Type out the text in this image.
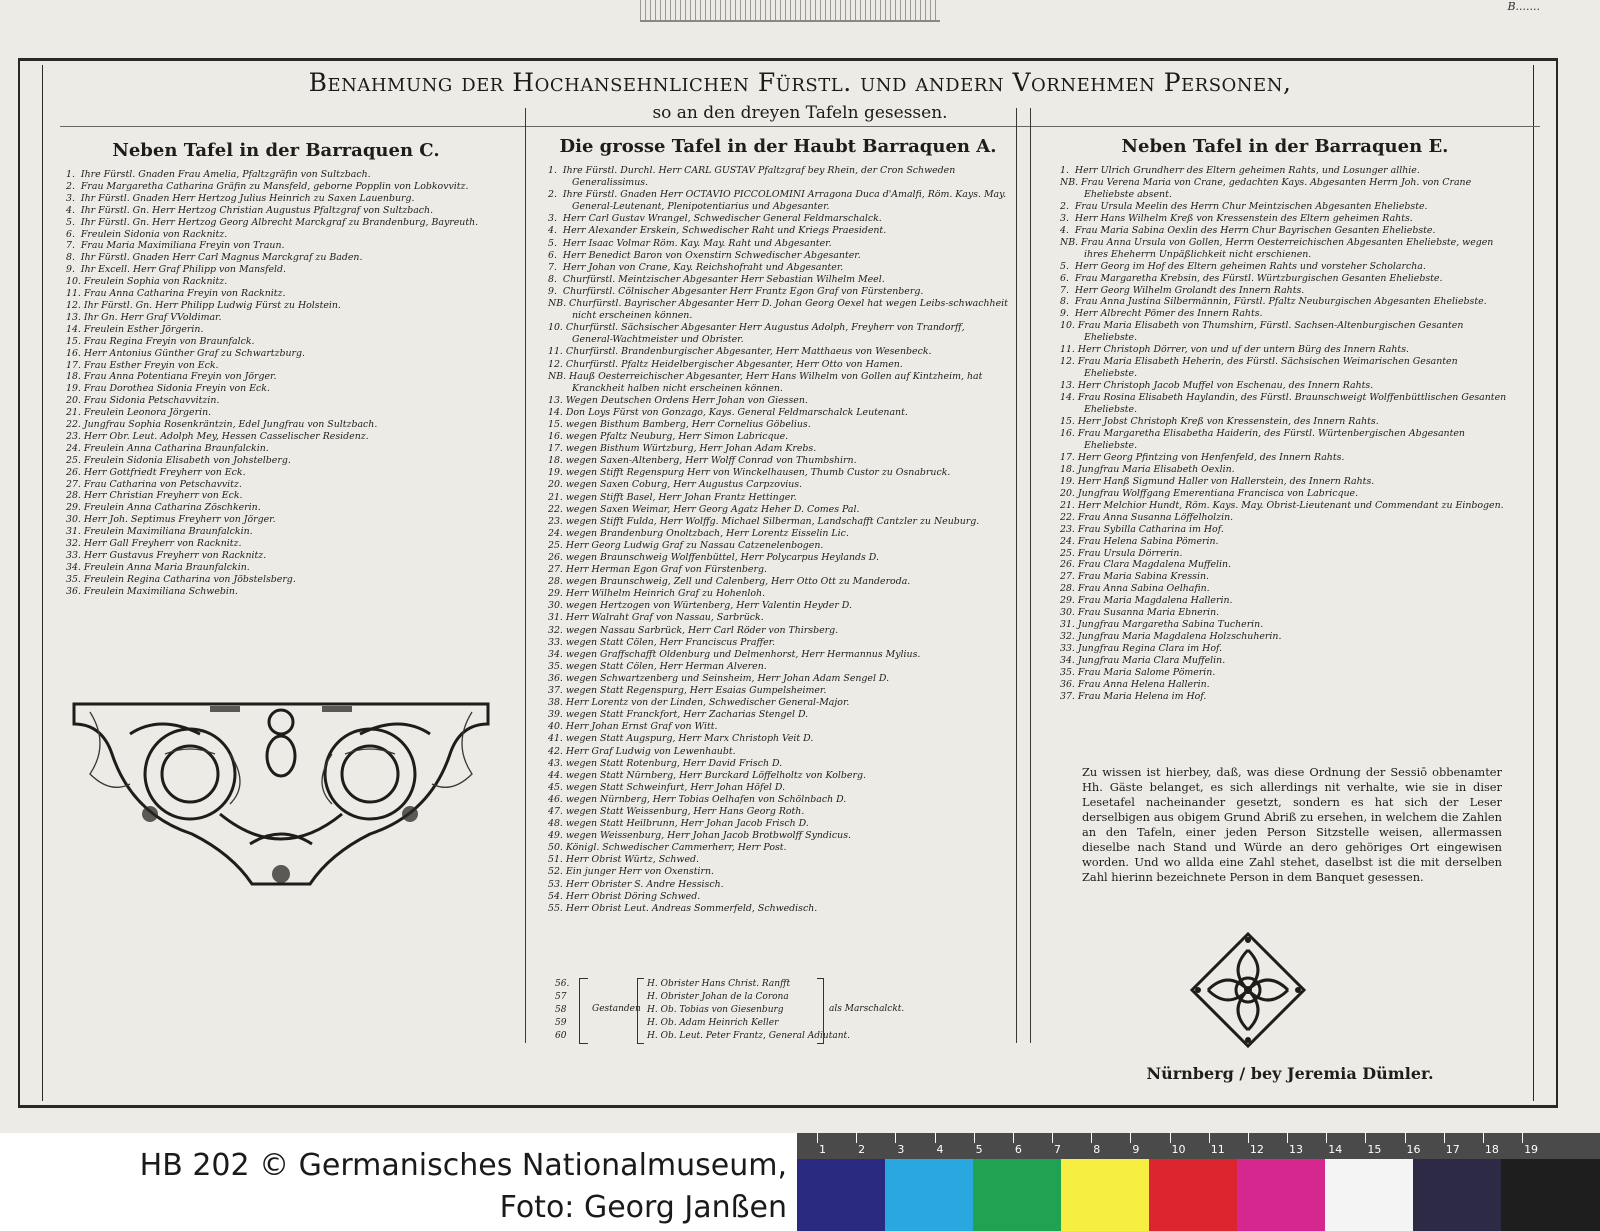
B.......
Benahmung der Hochansehnlichen Fürstl. und andern Vornehmen Personen,
so an den dreyen Tafeln gesessen.
Neben Tafel in der Barraquen C.
1.  Ihre Fürstl. Gnaden Frau Amelia, Pfaltzgräfin von Sultzbach.
2.  Frau Margaretha Catharina Gräfin zu Mansfeld, geborne Popplin von Lobkovvitz.
3.  Ihr Fürstl. Gnaden Herr Hertzog Julius Heinrich zu Saxen Lauenburg.
4.  Ihr Fürstl. Gn. Herr Hertzog Christian Augustus Pfaltzgraf von Sultzbach.
5.  Ihr Fürstl. Gn. Herr Hertzog Georg Albrecht Marckgraf zu Brandenburg, Bayreuth.
6.  Freulein Sidonia von Racknitz.
7.  Frau Maria Maximiliana Freyin von Traun.
8.  Ihr Fürstl. Gnaden Herr Carl Magnus Marckgraf zu Baden.
9.  Ihr Excell. Herr Graf Philipp von Mansfeld.
10. Freulein Sophia von Racknitz.
11. Frau Anna Catharina Freyin von Racknitz.
12. Ihr Fürstl. Gn. Herr Philipp Ludwig Fürst zu Holstein.
13. Ihr Gn. Herr Graf VVoldimar.
14. Freulein Esther Jörgerin.
15. Frau Regina Freyin von Braunfalck.
16. Herr Antonius Günther Graf zu Schwartzburg.
17. Frau Esther Freyin von Eck.
18. Frau Anna Potentiana Freyin von Jörger.
19. Frau Dorothea Sidonia Freyin von Eck.
20. Frau Sidonia Petschavvitzin.
21. Freulein Leonora Jörgerin.
22. Jungfrau Sophia Rosenkräntzin, Edel Jungfrau von Sultzbach.
23. Herr Obr. Leut. Adolph Mey, Hessen Casselischer Residenz.
24. Freulein Anna Catharina Braunfalckin.
25. Freulein Sidonia Elisabeth von Johstelberg.
26. Herr Gottfriedt Freyherr von Eck.
27. Frau Catharina von Petschavvitz.
28. Herr Christian Freyherr von Eck.
29. Freulein Anna Catharina Zöschkerin.
30. Herr Joh. Septimus Freyherr von Jörger.
31. Freulein Maximiliana Braunfalckin.
32. Herr Gall Freyherr von Racknitz.
33. Herr Gustavus Freyherr von Racknitz.
34. Freulein Anna Maria Braunfalckin.
35. Freulein Regina Catharina von Jöbstelsberg.
36. Freulein Maximiliana Schwebin.
Die grosse Tafel in der Haubt Barraquen A.
1.  Ihre Fürstl. Durchl. Herr CARL GUSTAV Pfaltzgraf bey Rhein, der Cron Schweden Generalissimus.
2.  Ihre Fürstl. Gnaden Herr OCTAVIO PICCOLOMINI Arragona Duca d'Amalfi, Röm. Kays. May. General-Leutenant, Plenipotentiarius und Abgesanter.
3.  Herr Carl Gustav Wrangel, Schwedischer General Feldmarschalck.
4.  Herr Alexander Erskein, Schwedischer Raht und Kriegs Praesident.
5.  Herr Isaac Volmar Röm. Kay. May. Raht und Abgesanter.
6.  Herr Benedict Baron von Oxenstirn Schwedischer Abgesanter.
7.  Herr Johan von Crane, Kay. Reichshofraht und Abgesanter.
8.  Churfürstl. Meintzischer Abgesanter Herr Sebastian Wilhelm Meel.
9.  Churfürstl. Cölnischer Abgesanter Herr Frantz Egon Graf von Fürstenberg.
NB. Churfürstl. Bayrischer Abgesanter Herr D. Johan Georg Oexel hat wegen Leibs-schwachheit nicht erscheinen können.
10. Churfürstl. Sächsischer Abgesanter Herr Augustus Adolph, Freyherr von Trandorff, General-Wachtmeister und Obrister.
11. Churfürstl. Brandenburgischer Abgesanter, Herr Matthaeus von Wesenbeck.
12. Churfürstl. Pfaltz Heidelbergischer Abgesanter, Herr Otto von Hamen.
NB. Hauß Oesterreichischer Abgesanter, Herr Hans Wilhelm von Gollen auf Kintzheim, hat Kranckheit halben nicht erscheinen können.
13. Wegen Deutschen Ordens Herr Johan von Giessen.
14. Don Loys Fürst von Gonzago, Kays. General Feldmarschalck Leutenant.
15. wegen Bisthum Bamberg, Herr Cornelius Göbelius.
16. wegen Pfaltz Neuburg, Herr Simon Labricque.
17. wegen Bisthum Würtzburg, Herr Johan Adam Krebs.
18. wegen Saxen-Altenberg, Herr Wolff Conrad von Thumbshirn.
19. wegen Stifft Regenspurg Herr von Winckelhausen, Thumb Custor zu Osnabruck.
20. wegen Saxen Coburg, Herr Augustus Carpzovius.
21. wegen Stifft Basel, Herr Johan Frantz Hettinger.
22. wegen Saxen Weimar, Herr Georg Agatz Heher D. Comes Pal.
23. wegen Stifft Fulda, Herr Wolffg. Michael Silberman, Landschafft Cantzler zu Neuburg.
24. wegen Brandenburg Onoltzbach, Herr Lorentz Eisselin Lic.
25. Herr Georg Ludwig Graf zu Nassau Catzenelenbogen.
26. wegen Braunschweig Wolffenbüttel, Herr Polycarpus Heylands D.
27. Herr Herman Egon Graf von Fürstenberg.
28. wegen Braunschweig, Zell und Calenberg, Herr Otto Ott zu Manderoda.
29. Herr Wilhelm Heinrich Graf zu Hohenloh.
30. wegen Hertzogen von Würtenberg, Herr Valentin Heyder D.
31. Herr Walraht Graf von Nassau, Sarbrück.
32. wegen Nassau Sarbrück, Herr Carl Röder von Thirsberg.
33. wegen Statt Cölen, Herr Franciscus Praffer.
34. wegen Graffschafft Oldenburg und Delmenhorst, Herr Hermannus Mylius.
35. wegen Statt Cölen, Herr Herman Alveren.
36. wegen Schwartzenberg und Seinsheim, Herr Johan Adam Sengel D.
37. wegen Statt Regenspurg, Herr Esaias Gumpelsheimer.
38. Herr Lorentz von der Linden, Schwedischer General-Major.
39. wegen Statt Franckfort, Herr Zacharias Stengel D.
40. Herr Johan Ernst Graf von Witt.
41. wegen Statt Augspurg, Herr Marx Christoph Veit D.
42. Herr Graf Ludwig von Lewenhaubt.
43. wegen Statt Rotenburg, Herr David Frisch D.
44. wegen Statt Nürnberg, Herr Burckard Löffelholtz von Kolberg.
45. wegen Statt Schweinfurt, Herr Johan Höfel D.
46. wegen Nürnberg, Herr Tobias Oelhafen von Schölnbach D.
47. wegen Statt Weissenburg, Herr Hans Georg Roth.
48. wegen Statt Heilbrunn, Herr Johan Jacob Frisch D.
49. wegen Weissenburg, Herr Johan Jacob Brotbwolff Syndicus.
50. Königl. Schwedischer Cammerherr, Herr Post.
51. Herr Obrist Würtz, Schwed.
52. Ein junger Herr von Oxenstirn.
53. Herr Obrister S. Andre Hessisch.
54. Herr Obrist Döring Schwed.
55. Herr Obrist Leut. Andreas Sommerfeld, Schwedisch.
56.
57
58
59
60
Gestanden
H. Obrister Hans Christ. Ranfft
H. Obrister Johan de la Corona
H. Ob. Tobias von Giesenburg
H. Ob. Adam Heinrich Keller
H. Ob. Leut. Peter Frantz, General Adiutant.
als Marschalckt.
Neben Tafel in der Barraquen E.
1.  Herr Ulrich Grundherr des Eltern geheimen Rahts, und Losunger allhie.
NB. Frau Verena Maria von Crane, gedachten Kays. Abgesanten Herrn Joh. von Crane Eheliebste absent.
2.  Frau Ursula Meelin des Herrn Chur Meintzischen Abgesanten Eheliebste.
3.  Herr Hans Wilhelm Kreß von Kressenstein des Eltern geheimen Rahts.
4.  Frau Maria Sabina Oexlin des Herrn Chur Bayrischen Gesanten Eheliebste.
NB. Frau Anna Ursula von Gollen, Herrn Oesterreichischen Abgesanten Eheliebste, wegen ihres Eheherrn Unpäßlichkeit nicht erschienen.
5.  Herr Georg im Hof des Eltern geheimen Rahts und vorsteher Scholarcha.
6.  Frau Margaretha Krebsin, des Fürstl. Würtzburgischen Gesanten Eheliebste.
7.  Herr Georg Wilhelm Grolandt des Innern Rahts.
8.  Frau Anna Justina Silbermännin, Fürstl. Pfaltz Neuburgischen Abgesanten Eheliebste.
9.  Herr Albrecht Pömer des Innern Rahts.
10. Frau Maria Elisabeth von Thumshirn, Fürstl. Sachsen-Altenburgischen Gesanten Eheliebste.
11. Herr Christoph Dörrer, von und uf der untern Bürg des Innern Rahts.
12. Frau Maria Elisabeth Heherin, des Fürstl. Sächsischen Weimarischen Gesanten Eheliebste.
13. Herr Christoph Jacob Muffel von Eschenau, des Innern Rahts.
14. Frau Rosina Elisabeth Haylandin, des Fürstl. Braunschweigt Wolffenbüttlischen Gesanten Eheliebste.
15. Herr Jobst Christoph Kreß von Kressenstein, des Innern Rahts.
16. Frau Margaretha Elisabetha Haiderin, des Fürstl. Würtenbergischen Abgesanten Eheliebste.
17. Herr Georg Pfintzing von Henfenfeld, des Innern Rahts.
18. Jungfrau Maria Elisabeth Oexlin.
19. Herr Hanß Sigmund Haller von Hallerstein, des Innern Rahts.
20. Jungfrau Wolffgang Emerentiana Francisca von Labricque.
21. Herr Melchior Hundt, Röm. Kays. May. Obrist-Lieutenant und Commendant zu Einbogen.
22. Frau Anna Susanna Löffelholzin.
23. Frau Sybilla Catharina im Hof.
24. Frau Helena Sabina Pömerin.
25. Frau Ursula Dörrerin.
26. Frau Clara Magdalena Muffelin.
27. Frau Maria Sabina Kressin.
28. Frau Anna Sabina Oelhafin.
29. Frau Maria Magdalena Hallerin.
30. Frau Susanna Maria Ebnerin.
31. Jungfrau Margaretha Sabina Tucherin.
32. Jungfrau Maria Magdalena Holzschuherin.
33. Jungfrau Regina Clara im Hof.
34. Jungfrau Maria Clara Muffelin.
35. Frau Maria Salome Pömerin.
36. Frau Anna Helena Hallerin.
37. Frau Maria Helena im Hof.
Zu wissen ist hierbey, daß, was diese Ordnung der Sessiō obbenamter Hh. Gäste belanget, es sich allerdings nit verhalte, wie sie in diser Lesetafel nacheinander gesetzt, sondern es hat sich der Leser derselbigen aus obigem Grund Abriß zu ersehen, in welchem die Zahlen an den Tafeln, einer jeden Person Sitzstelle weisen, allermassen dieselbe nach Stand und Würde an dero gehöriges Ort eingewisen worden. Und wo allda eine Zahl stehet, daselbst ist die mit derselben Zahl hierinn bezeichnete Person in dem Banquet gesessen.
Nürnberg / bey Jeremia Dümler.
HB 202 © Germanisches Nationalmuseum,
Foto: Georg Janßen
1	2	3	4	5	6	7	8	9	10 11 12 13 14 15 16 17 18 19
